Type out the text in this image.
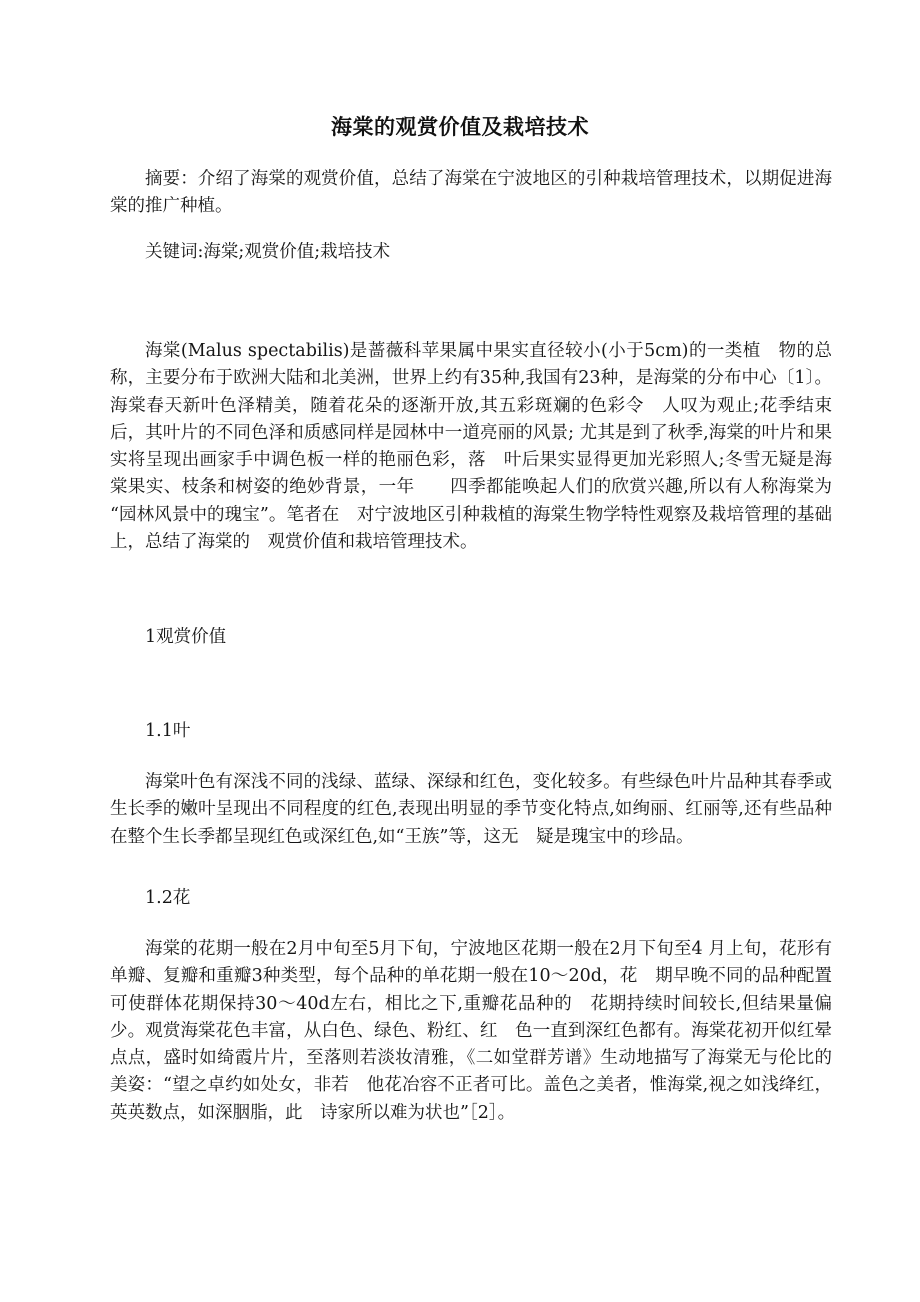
海棠的观赏价值及栽培技术

摘要：介绍了海棠的观赏价值，总结了海棠在宁波地区的引种栽培管理技术，以期促进海棠的推广种植。

关键词:海棠;观赏价值;栽培技术

海棠(Malus spectabilis)是蔷薇科苹果属中果实直径较小(小于5cm)的一类植　物的总称，主要分布于欧洲大陆和北美洲，世界上约有35种,我国有23种，是海棠的分布中心〔1〕。海棠春天新叶色泽精美，随着花朵的逐渐开放,其五彩斑斓的色彩令　人叹为观止;花季结束后，其叶片的不同色泽和质感同样是园林中一道亮丽的风景; 尤其是到了秋季,海棠的叶片和果实将呈现出画家手中调色板一样的艳丽色彩，落　叶后果实显得更加光彩照人;冬雪无疑是海棠果实、枝条和树姿的绝妙背景，一年　　四季都能唤起人们的欣赏兴趣,所以有人称海棠为“园林风景中的瑰宝”。笔者在　对宁波地区引种栽植的海棠生物学特性观察及栽培管理的基础上，总结了海棠的　观赏价值和栽培管理技术。

1观赏价值
1.1叶

海棠叶色有深浅不同的浅绿、蓝绿、深绿和红色，变化较多。有些绿色叶片品种其春季或生长季的嫩叶呈现出不同程度的红色,表现出明显的季节变化特点,如绚丽、红丽等,还有些品种在整个生长季都呈现红色或深红色,如“王族”等，这无　疑是瑰宝中的珍品。

1.2花

海棠的花期一般在2月中旬至5月下旬，宁波地区花期一般在2月下旬至4 月上旬，花形有单瓣、复瓣和重瓣3种类型，每个品种的单花期一般在10〜20d，花　期早晚不同的品种配置可使群体花期保持30〜40d左右，相比之下,重瓣花品种的　花期持续时间较长,但结果量偏少。观赏海棠花色丰富，从白色、绿色、粉红、红　色一直到深红色都有。海棠花初开似红晕点点，盛时如绮霞片片，至落则若淡妆清雅，《二如堂群芳谱》生动地描写了海棠无与伦比的美姿：“望之卓约如处女，非若　他花冶容不正者可比。盖色之美者，惟海棠,视之如浅绛红，英英数点，如深胭脂，此　诗家所以难为状也”［2］。
